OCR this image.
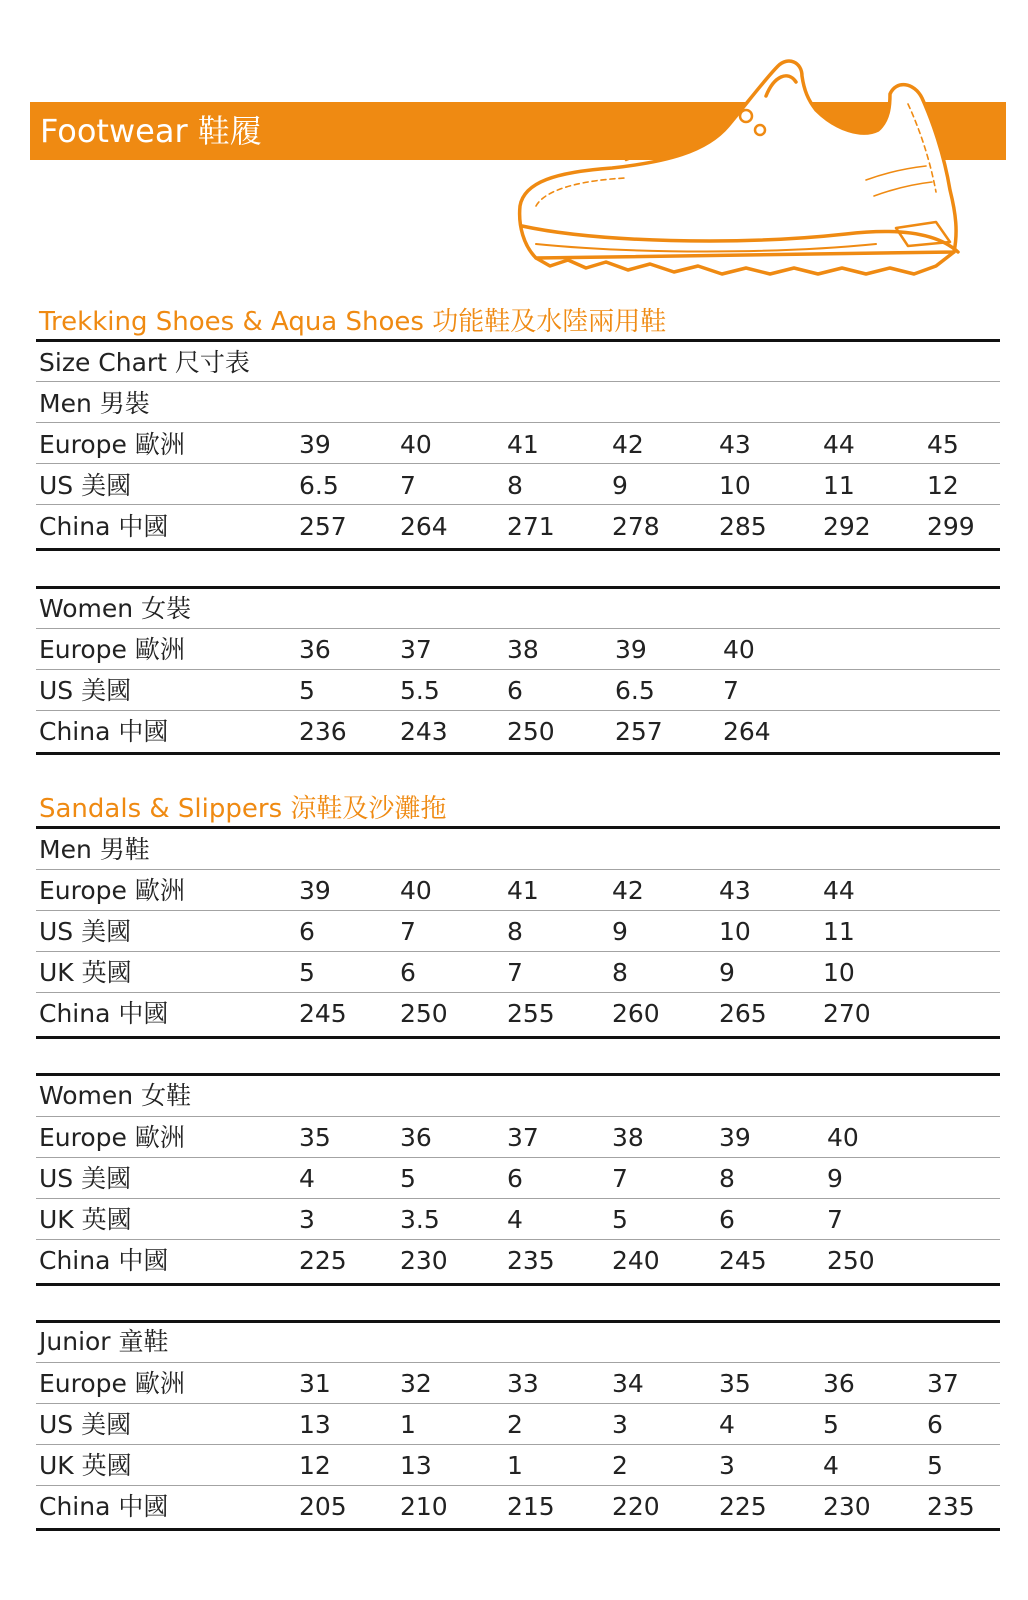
Footwear 鞋履
Trekking Shoes & Aqua Shoes 功能鞋及水陸兩用鞋
Size Chart 尺寸表
Men 男裝
Europe 歐洲	39	40	41	42	43	44	45
US 美國	6.5 7	8	9	10	11	12
China 中國	257 264 271 278 285 292 299
Women 女裝
Europe 歐洲	36	37	38	39	40
US 美國	5	5.5	6	6.5	7
China 中國	236 243 250 257 264
Sandals & Slippers 涼鞋及沙灘拖
Men 男鞋
Europe 歐洲	39	40	41	42	43	44
US 美國	6	7	8	9	10	11
UK 英國	5	6	7	8	9	10
China 中國	245 250 255 260 265 270
Women 女鞋
Europe 歐洲	35	36	37	38	39	40
US 美國	4	5	6	7	8	9
UK 英國	3	3.5	4	5	6	7
China 中國	225 230 235 240 245 250
Junior 童鞋
Europe 歐洲	31	32	33	34	35	36	37
US 美國	13	1	2	3	4	5	6
UK 英國	12	13	1	2	3	4	5
China 中國	205 210 215 220 225 230 235
